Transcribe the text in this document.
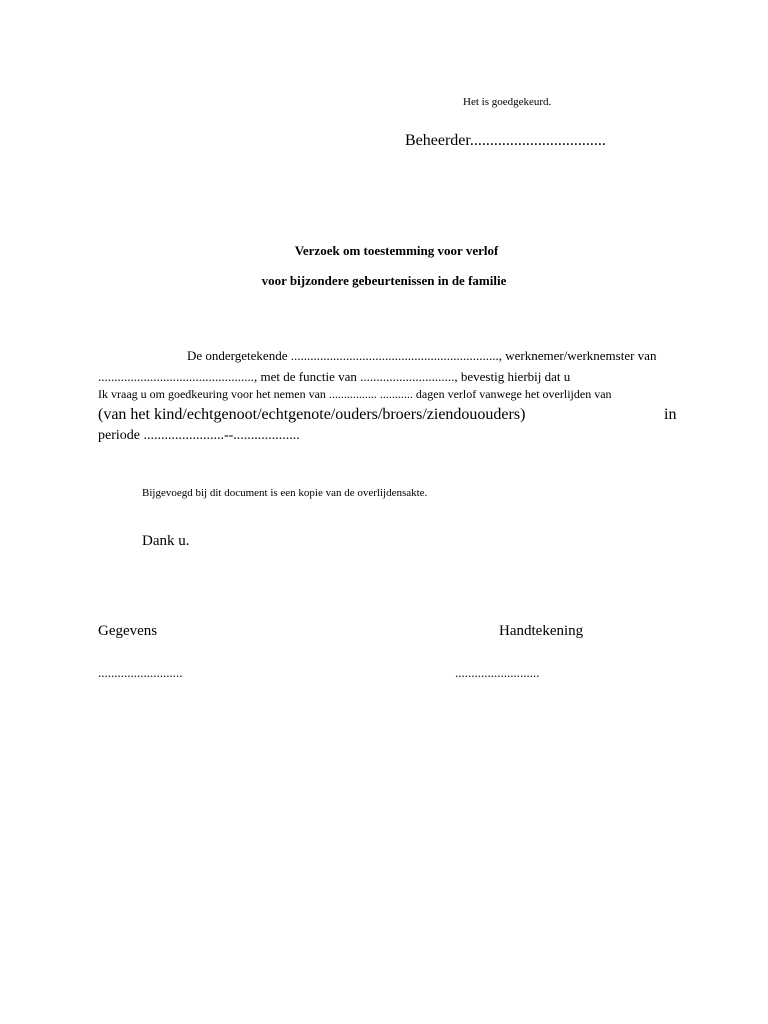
Het is goedgekeurd.
Beheerder..................................
Verzoek om toestemming voor verlof
voor bijzondere gebeurtenissen in de familie
De ondergetekende ................................................................, werknemer/werknemster van
................................................, met de functie van ............................., bevestig hierbij dat u
Ik vraag u om goedkeuring voor het nemen van ................ ........... dagen verlof vanwege het overlijden van
(van het kind/echtgenoot/echtgenote/ouders/broers/ziendououders)	in
periode .......................--...................
Bijgevoegd bij dit document is een kopie van de overlijdensakte.
Dank u.
Gegevens	Handtekening
..........................	..........................
